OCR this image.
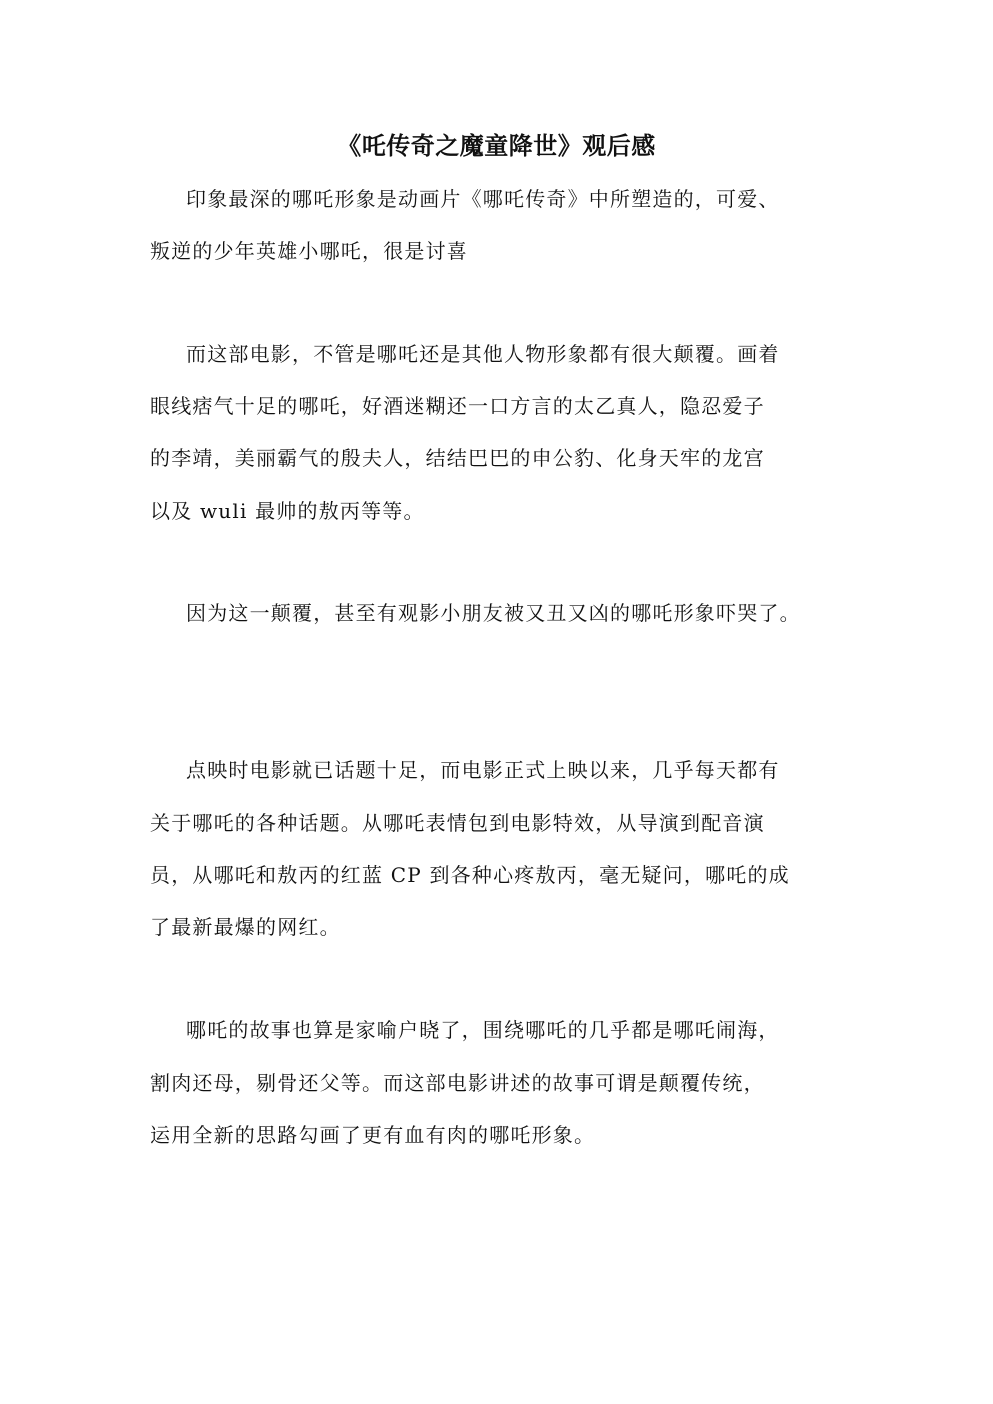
《吒传奇之魔童降世》观后感
印象最深的哪吒形象是动画片《哪吒传奇》中所塑造的，可爱、
叛逆的少年英雄小哪吒，很是讨喜
而这部电影，不管是哪吒还是其他人物形象都有很大颠覆。画着
眼线痞气十足的哪吒，好酒迷糊还一口方言的太乙真人，隐忍爱子
的李靖，美丽霸气的殷夫人，结结巴巴的申公豹、化身天牢的龙宫
以及 wuli 最帅的敖丙等等。
因为这一颠覆，甚至有观影小朋友被又丑又凶的哪吒形象吓哭了。
点映时电影就已话题十足，而电影正式上映以来，几乎每天都有
关于哪吒的各种话题。从哪吒表情包到电影特效，从导演到配音演
员，从哪吒和敖丙的红蓝 CP 到各种心疼敖丙，毫无疑问，哪吒的成
了最新最爆的网红。
哪吒的故事也算是家喻户晓了，围绕哪吒的几乎都是哪吒闹海，
割肉还母，剔骨还父等。而这部电影讲述的故事可谓是颠覆传统，
运用全新的思路勾画了更有血有肉的哪吒形象。
